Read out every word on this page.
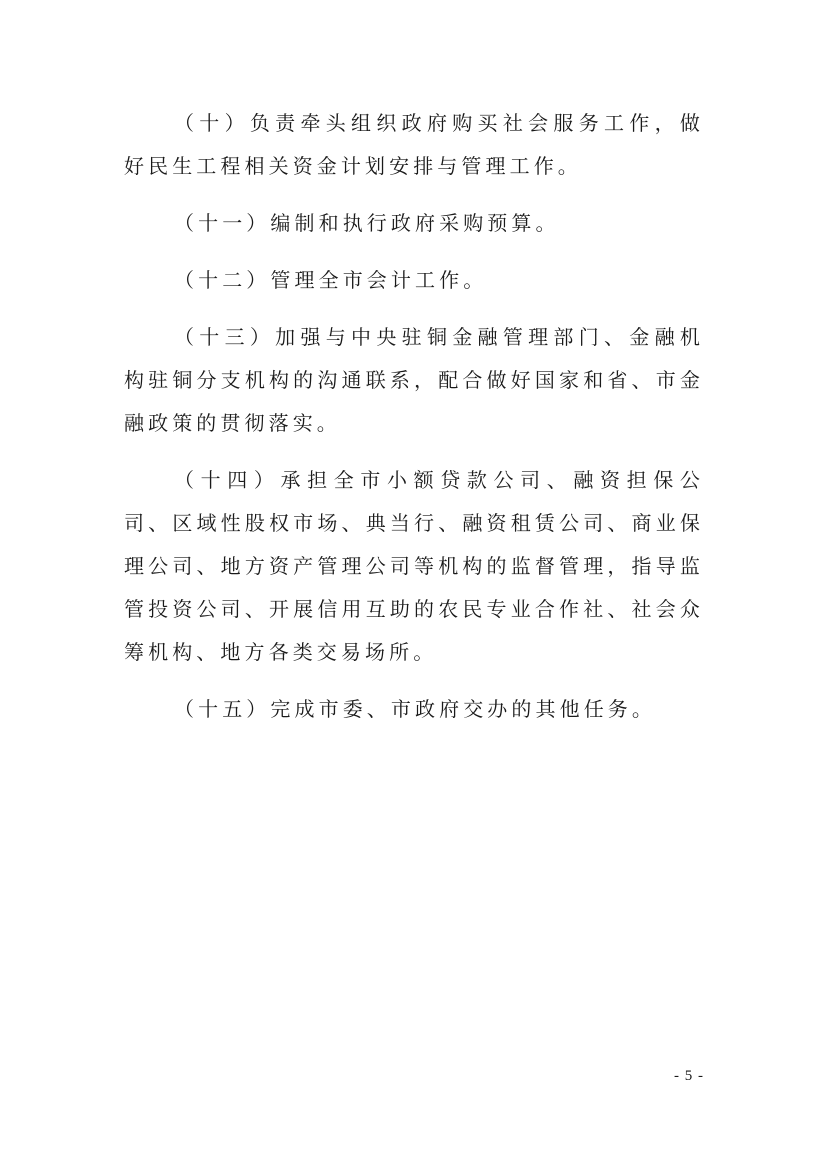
（十）负责牵头组织政府购买社会服务工作，做好民生工程相关资金计划安排与管理工作。

（十一）编制和执行政府采购预算。

（十二）管理全市会计工作。

（十三）加强与中央驻铜金融管理部门、金融机构驻铜分支机构的沟通联系，配合做好国家和省、市金融政策的贯彻落实。

（十四）承担全市小额贷款公司、融资担保公司、区域性股权市场、典当行、融资租赁公司、商业保理公司、地方资产管理公司等机构的监督管理，指导监管投资公司、开展信用互助的农民专业合作社、社会众筹机构、地方各类交易场所。

（十五）完成市委、市政府交办的其他任务。

- 5 -
